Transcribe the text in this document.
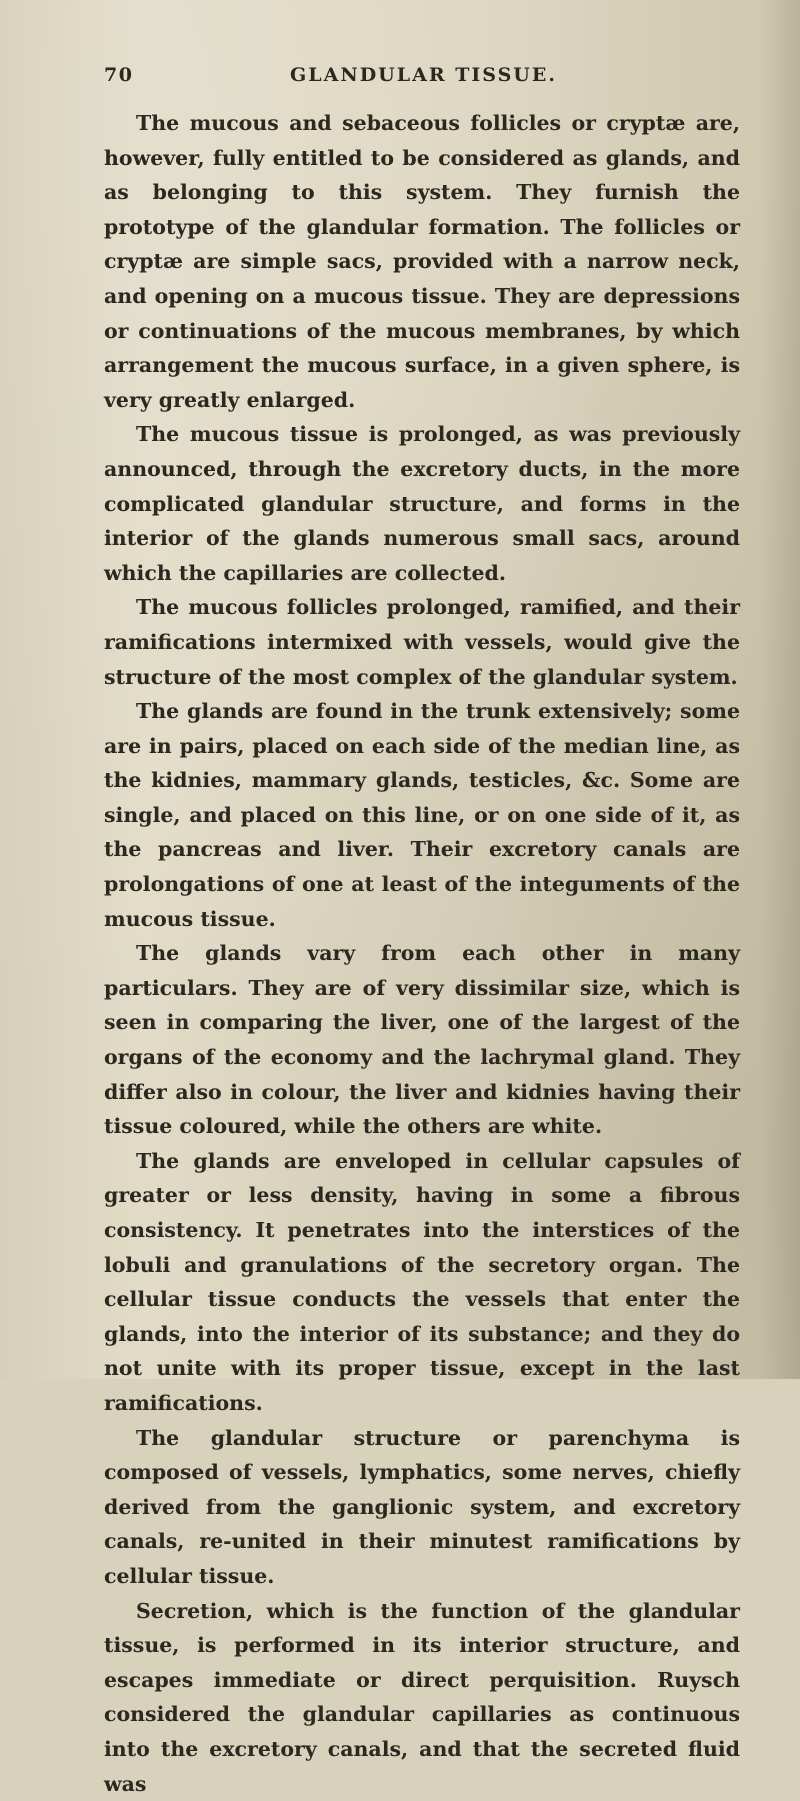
70	GLANDULAR TISSUE.

The mucous and sebaceous follicles or cryptæ are, however, fully entitled to be considered as glands, and as belonging to this system. They furnish the prototype of the glandular formation. The follicles or cryptæ are simple sacs, provided with a narrow neck, and opening on a mucous tissue. They are depressions or continuations of the mucous membranes, by which arrangement the mucous surface, in a given sphere, is very greatly enlarged.

The mucous tissue is prolonged, as was previously announced, through the excretory ducts, in the more complicated glandular structure, and forms in the interior of the glands numerous small sacs, around which the capillaries are collected.

The mucous follicles prolonged, ramified, and their ramifications intermixed with vessels, would give the structure of the most complex of the glandular system.

The glands are found in the trunk extensively; some are in pairs, placed on each side of the median line, as the kidnies, mammary glands, testicles, &c. Some are single, and placed on this line, or on one side of it, as the pancreas and liver. Their excretory canals are prolongations of one at least of the integuments of the mucous tissue.

The glands vary from each other in many particulars. They are of very dissimilar size, which is seen in comparing the liver, one of the largest of the organs of the economy and the lachrymal gland. They differ also in colour, the liver and kidnies having their tissue coloured, while the others are white.

The glands are enveloped in cellular capsules of greater or less density, having in some a fibrous consistency. It penetrates into the interstices of the lobuli and granulations of the secretory organ. The cellular tissue conducts the vessels that enter the glands, into the interior of its substance; and they do not unite with its proper tissue, except in the last ramifications.

The glandular structure or parenchyma is composed of vessels, lymphatics, some nerves, chiefly derived from the ganglionic system, and excretory canals, re-united in their minutest ramifications by cellular tissue.

Secretion, which is the function of the glandular tissue, is performed in its interior structure, and escapes immediate or direct perquisition. Ruysch considered the glandular capillaries as continuous into the excretory canals, and that the secreted fluid was
